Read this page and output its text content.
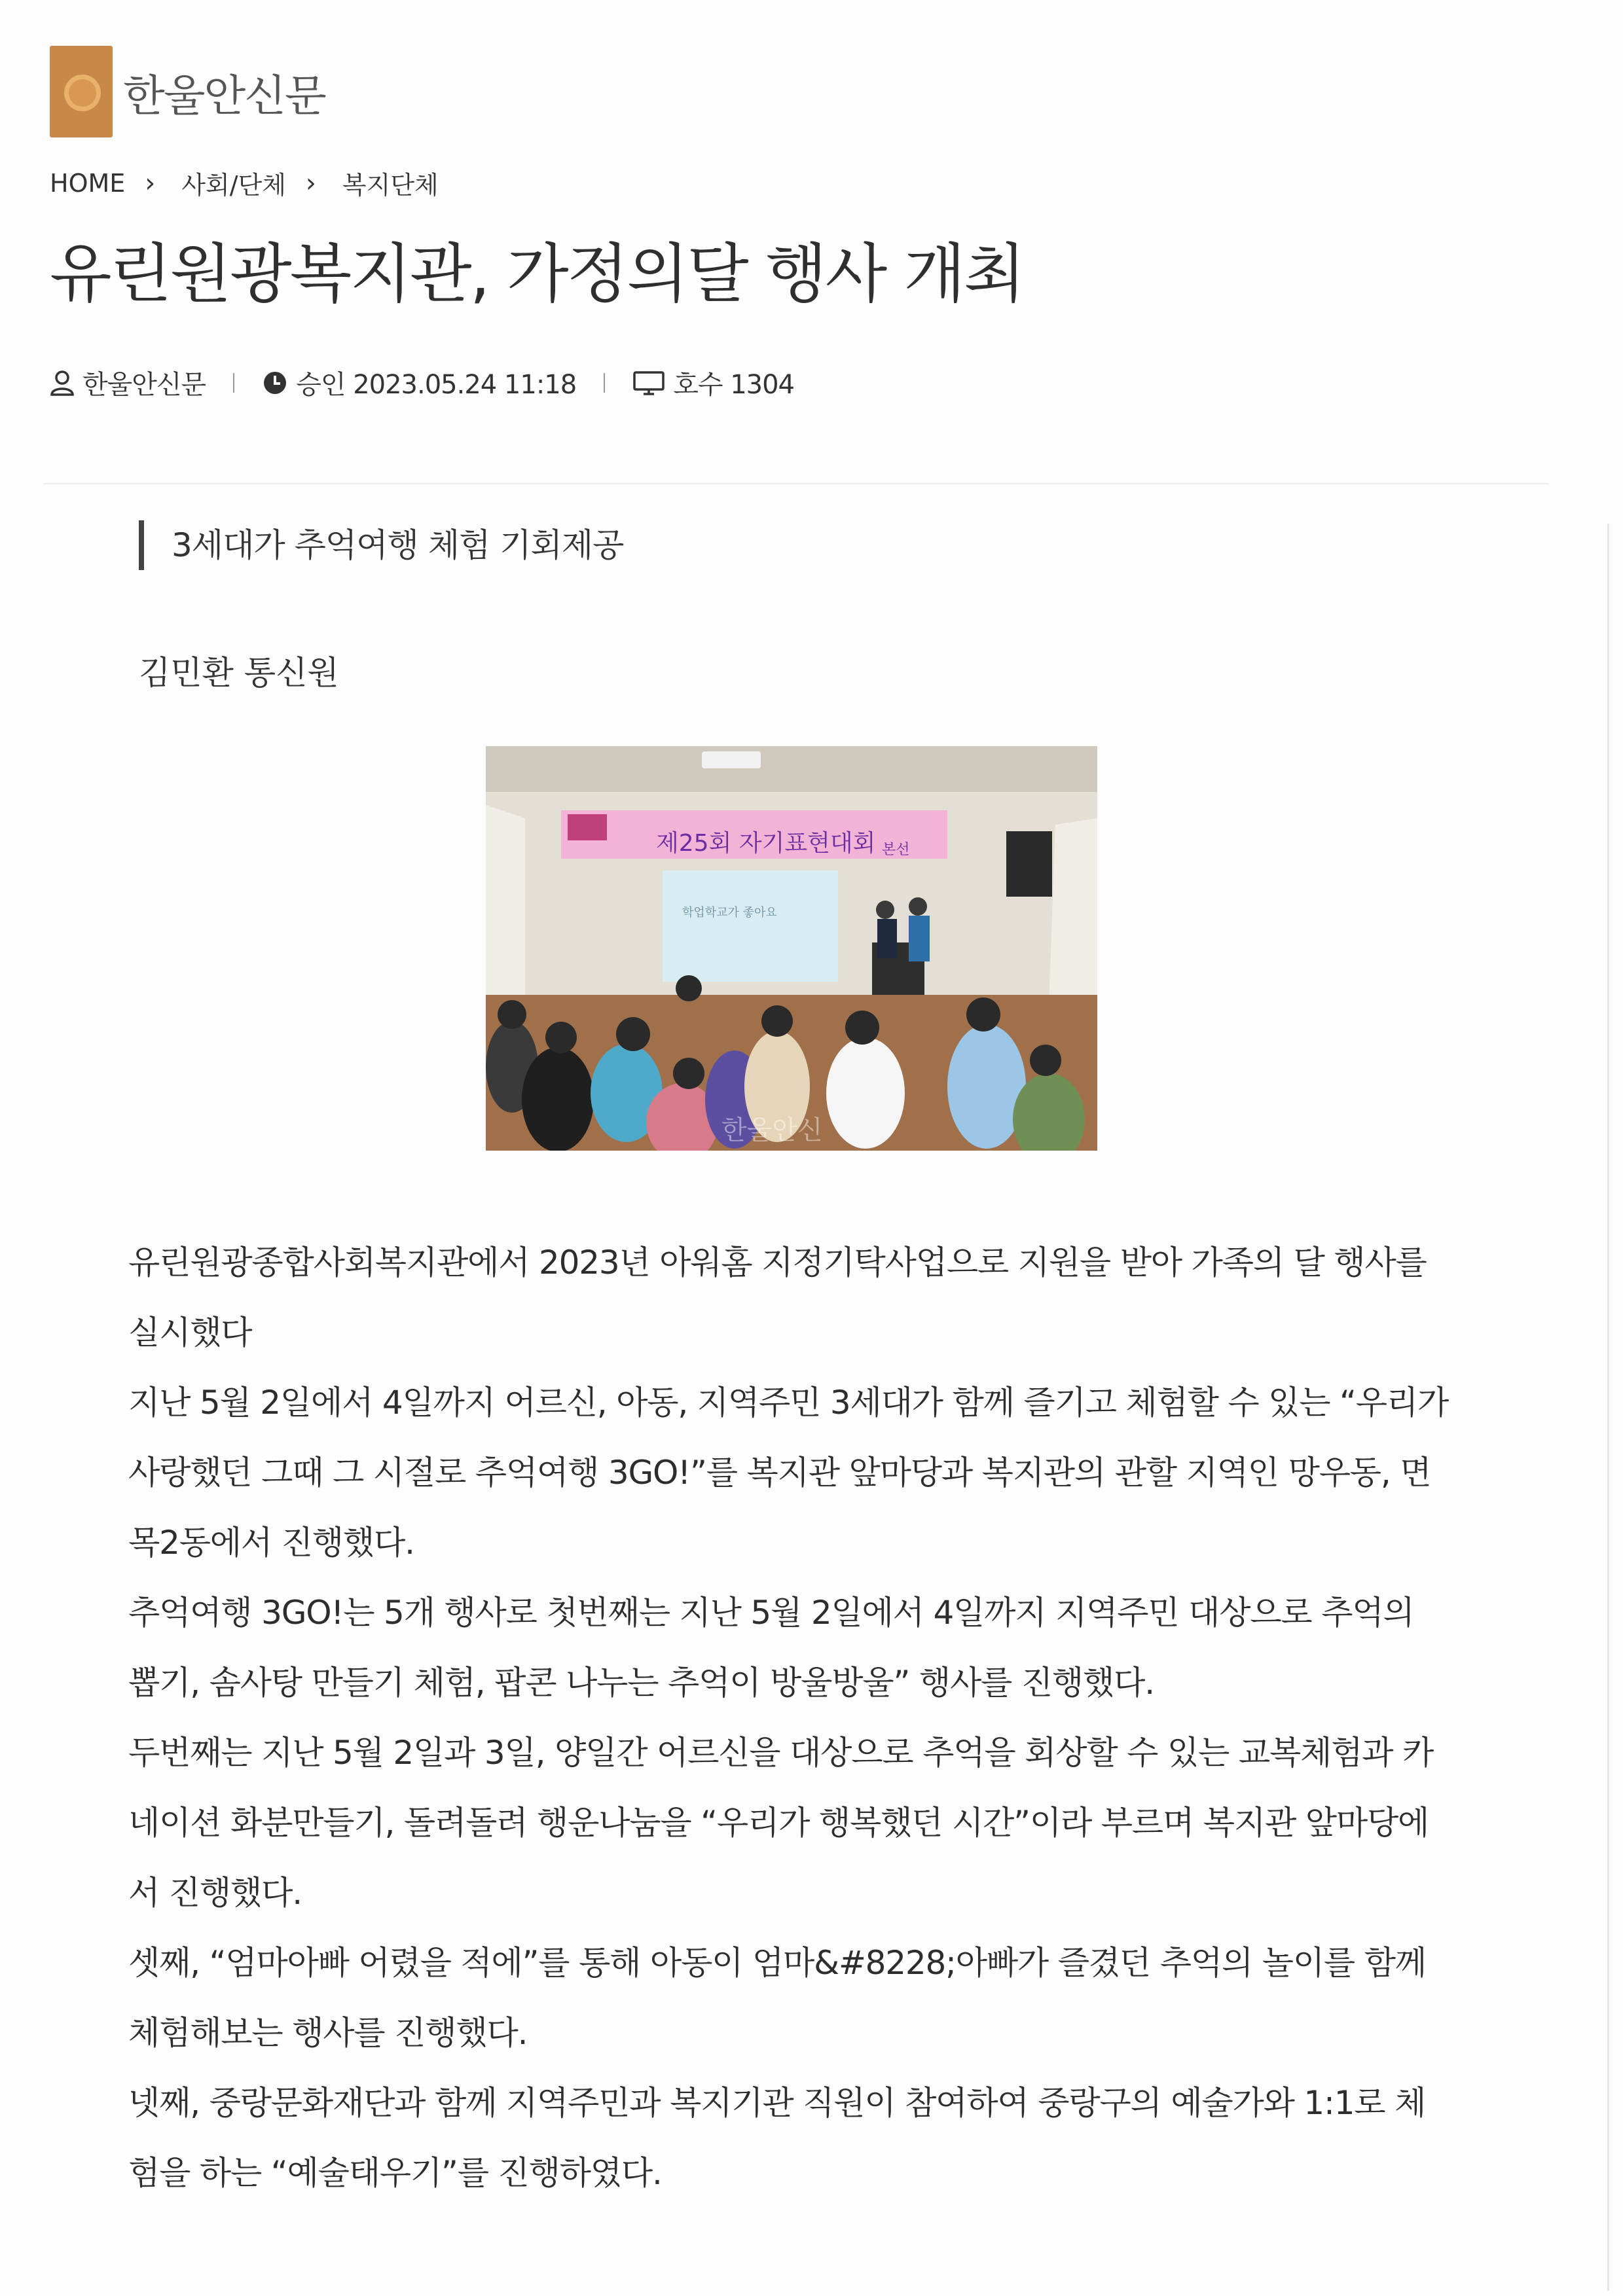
한울안신문
HOME › 사회/단체 › 복지단체
유린원광복지관, 가정의달 행사 개최
한울안신문	승인 2023.05.24 11:18	호수 1304
3세대가 추억여행 체험 기회제공
김민환 통신원
제25회 자기표현대회 본선
학업학교가 좋아요
한울안신

유린원광종합사회복지관에서 2023년 아워홈 지정기탁사업으로 지원을 받아 가족의 달 행사를 실시했다

지난 5월 2일에서 4일까지 어르신, 아동, 지역주민 3세대가 함께 즐기고 체험할 수 있는 “우리가 사랑했던 그때 그 시절로 추억여행 3GO!”를 복지관 앞마당과 복지관의 관할 지역인 망우동, 면목2동에서 진행했다.

추억여행 3GO!는 5개 행사로 첫번째는 지난 5월 2일에서 4일까지 지역주민 대상으로 추억의 뽑기, 솜사탕 만들기 체험, 팝콘 나누는 추억이 방울방울” 행사를 진행했다.

두번째는 지난 5월 2일과 3일, 양일간 어르신을 대상으로 추억을 회상할 수 있는 교복체험과 카네이션 화분만들기, 돌려돌려 행운나눔을 “우리가 행복했던 시간”이라 부르며 복지관 앞마당에서 진행했다.

셋째, “엄마아빠 어렸을 적에”를 통해 아동이 엄마&#8228;아빠가 즐겼던 추억의 놀이를 함께 체험해보는 행사를 진행했다.

넷째, 중랑문화재단과 함께 지역주민과 복지기관 직원이 참여하여 중랑구의 예술가와 1:1로 체험을 하는 “예술태우기”를 진행하였다.
